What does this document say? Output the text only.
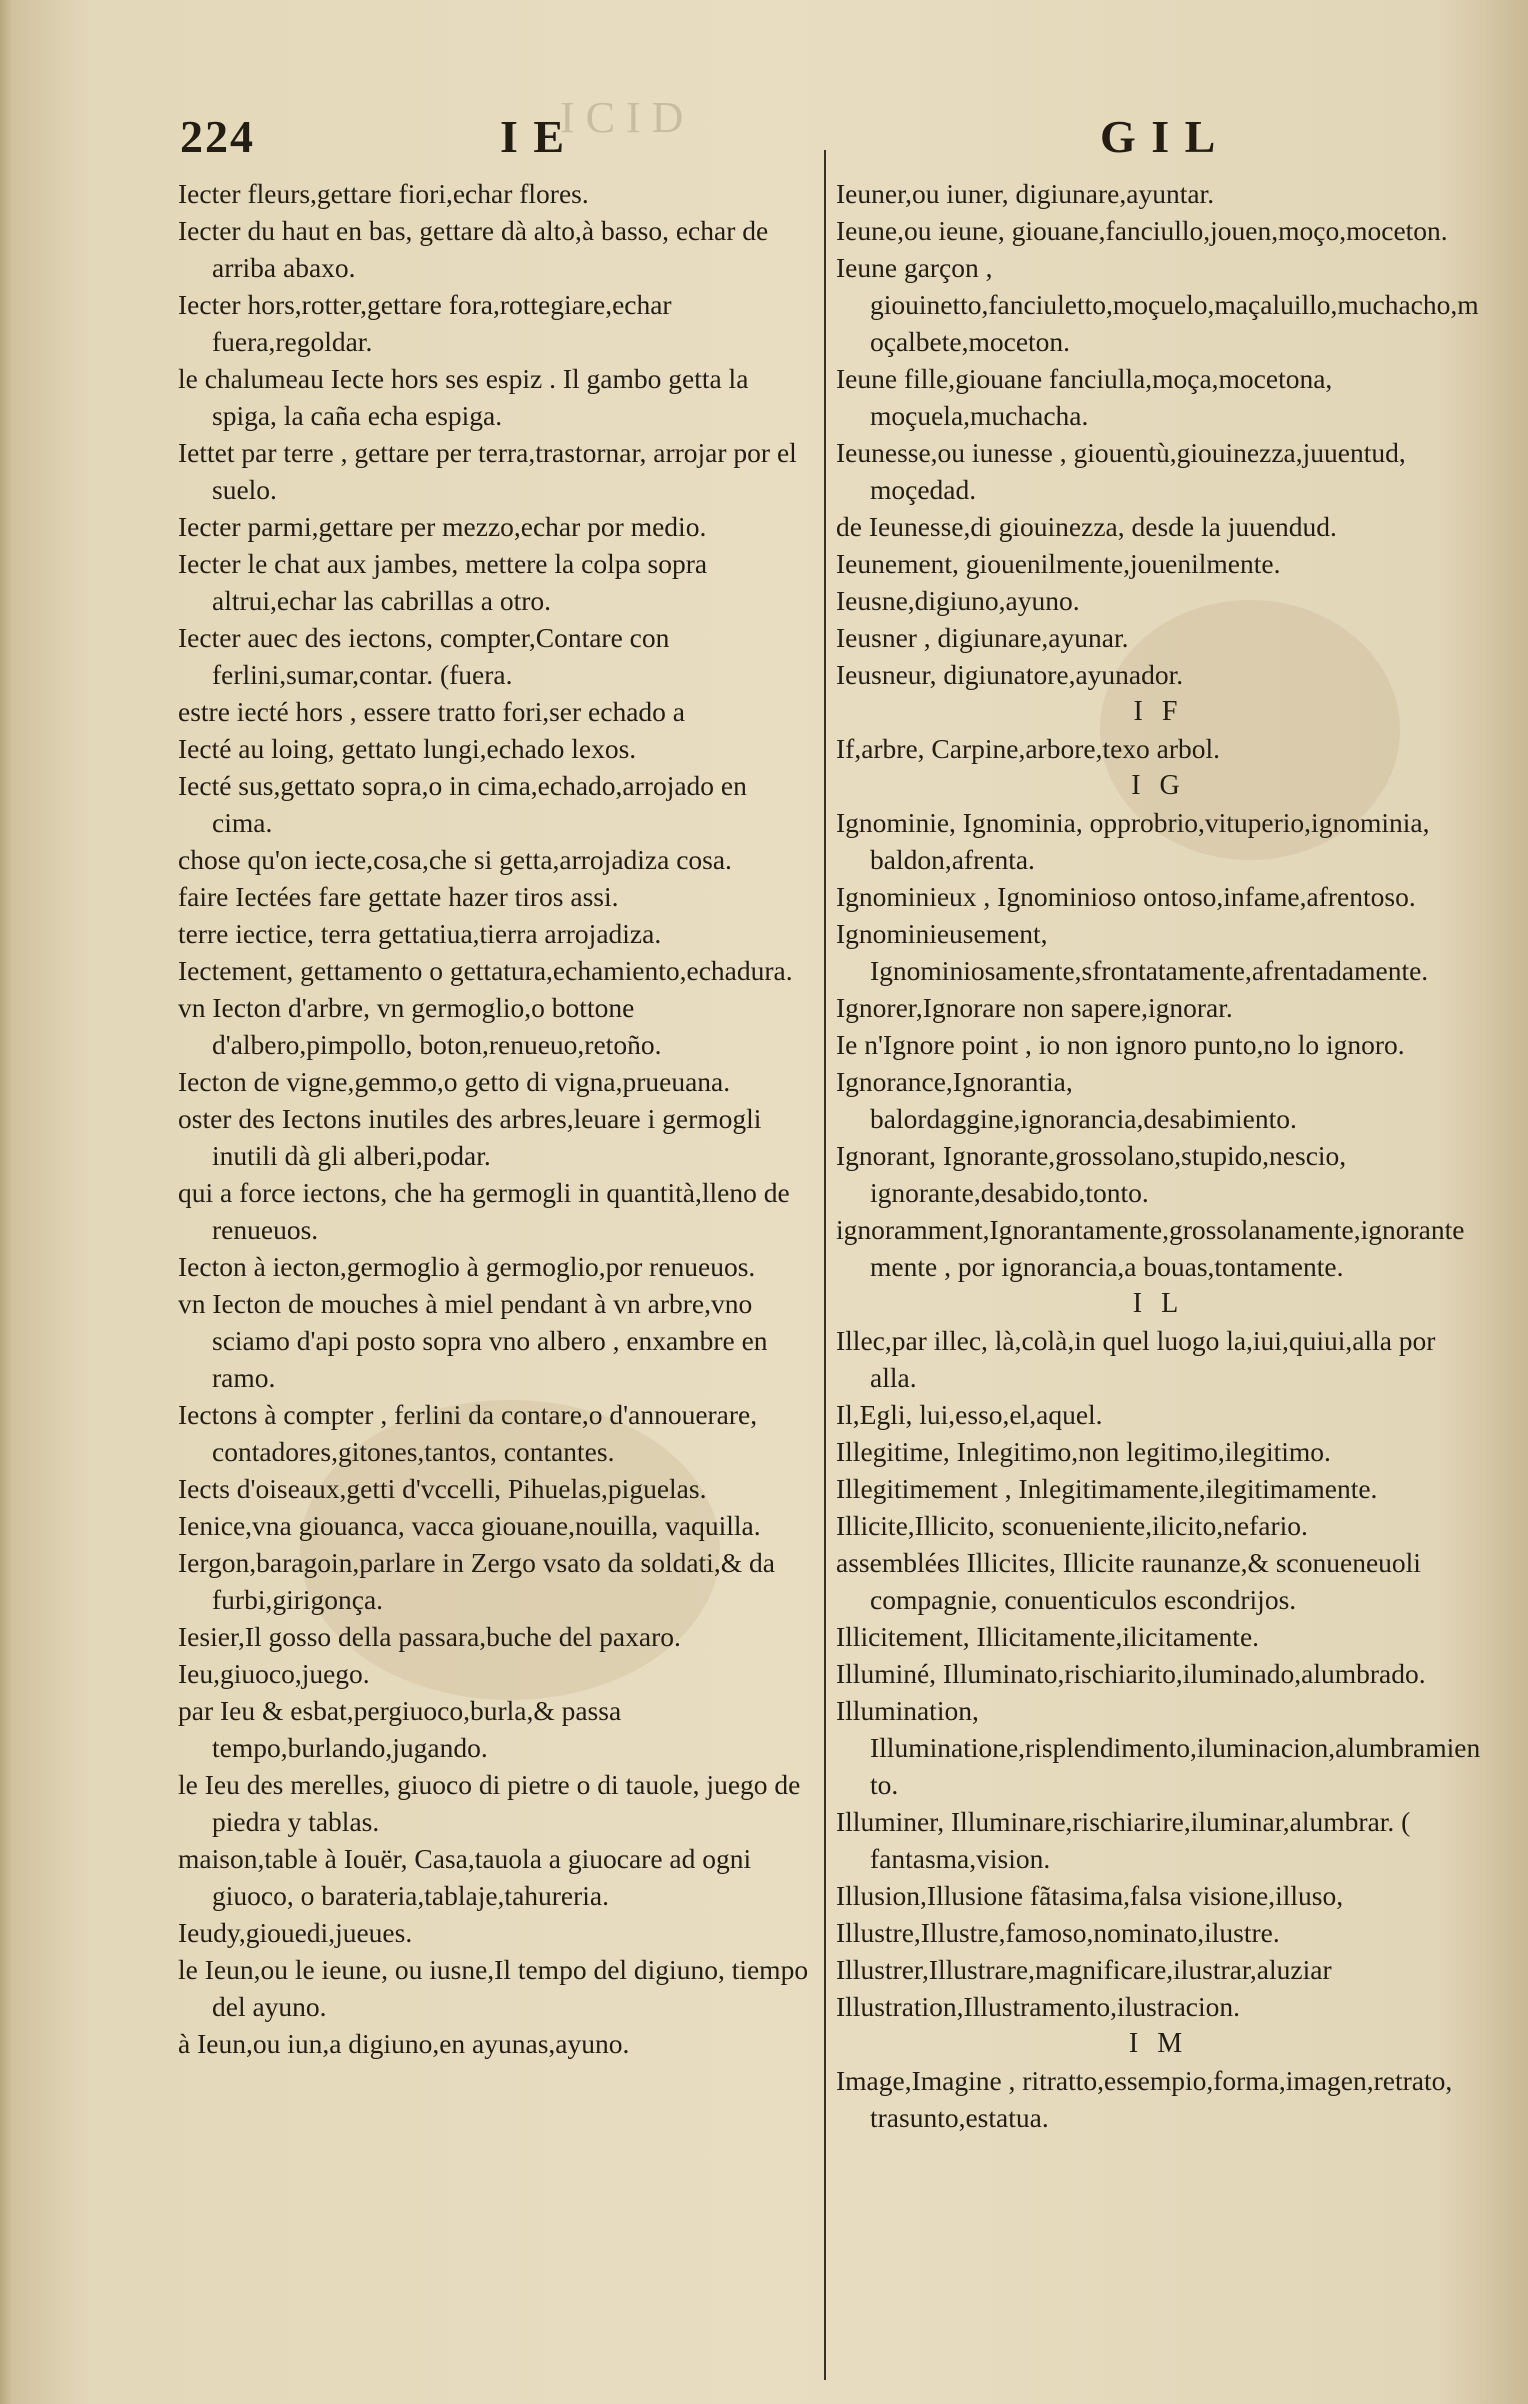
I C I D
224	I E	G I L
Iecter fleurs,gettare fiori,echar flores.
Iecter du haut en bas, gettare dà alto,à basso, echar de arriba abaxo.
Iecter hors,rotter,gettare fora,rottegiare,echar fuera,regoldar.
le chalumeau Iecte hors ses espiz . Il gambo getta la spiga, la caña echa espiga.
Iettet par terre , gettare per terra,trastornar, arrojar por el suelo.
Iecter parmi,gettare per mezzo,echar por medio.
Iecter le chat aux jambes, mettere la colpa sopra altrui,echar las cabrillas a otro.
Iecter auec des iectons, compter,Contare con ferlini,sumar,contar. (fuera.
estre iecté hors , essere tratto fori,ser echado a
Iecté au loing, gettato lungi,echado lexos.
Iecté sus,gettato sopra,o in cima,echado,arrojado en cima.
chose qu'on iecte,cosa,che si getta,arrojadiza cosa.
faire Iectées fare gettate hazer tiros assi.
terre iectice, terra gettatiua,tierra arrojadiza.
Iectement, gettamento o gettatura,echamiento,echadura.
vn Iecton d'arbre, vn germoglio,o bottone d'albero,pimpollo, boton,renueuo,retoño.
Iecton de vigne,gemmo,o getto di vigna,prueuana.
oster des Iectons inutiles des arbres,leuare i germogli inutili dà gli alberi,podar.
qui a force iectons, che ha germogli in quantità,lleno de renueuos.
Iecton à iecton,germoglio à germoglio,por renueuos.
vn Iecton de mouches à miel pendant à vn arbre,vno sciamo d'api posto sopra vno albero , enxambre en ramo.
Iectons à compter , ferlini da contare,o d'annouerare, contadores,gitones,tantos, contantes.
Iects d'oiseaux,getti d'vccelli, Pihuelas,piguelas.
Ienice,vna giouanca, vacca giouane,nouilla, vaquilla.
Iergon,baragoin,parlare in Zergo vsato da soldati,& da furbi,girigonça.
Iesier,Il gosso della passara,buche del paxaro.
Ieu,giuoco,juego.
par Ieu & esbat,pergiuoco,burla,& passa tempo,burlando,jugando.
le Ieu des merelles, giuoco di pietre o di tauole, juego de piedra y tablas.
maison,table à Iouër, Casa,tauola a giuocare ad ogni giuoco, o barateria,tablaje,tahureria.
Ieudy,giouedi,jueues.
le Ieun,ou le ieune, ou iusne,Il tempo del digiuno, tiempo del ayuno.
à Ieun,ou iun,a digiuno,en ayunas,ayuno.
Ieuner,ou iuner, digiunare,ayuntar.
Ieune,ou ieune, giouane,fanciullo,jouen,moço,moceton.
Ieune garçon , giouinetto,fanciuletto,moçuelo,maçaluillo,muchacho,moçalbete,moceton.
Ieune fille,giouane fanciulla,moça,mocetona, moçuela,muchacha.
Ieunesse,ou iunesse , giouentù,giouinezza,juuentud, moçedad.
de Ieunesse,di giouinezza, desde la juuendud.
Ieunement, giouenilmente,jouenilmente.
Ieusne,digiuno,ayuno.
Ieusner , digiunare,ayunar.
Ieusneur, digiunatore,ayunador.
I F
If,arbre, Carpine,arbore,texo arbol.
I G
Ignominie, Ignominia, opprobrio,vituperio,ignominia, baldon,afrenta.
Ignominieux , Ignominioso ontoso,infame,afrentoso.
Ignominieusement, Ignominiosamente,sfrontatamente,afrentadamente.
Ignorer,Ignorare non sapere,ignorar.
Ie n'Ignore point , io non ignoro punto,no lo ignoro.
Ignorance,Ignorantia, balordaggine,ignorancia,desabimiento.
Ignorant, Ignorante,grossolano,stupido,nescio, ignorante,desabido,tonto.
ignoramment,Ignorantamente,grossolanamente,ignorantemente , por ignorancia,a bouas,tontamente.
I L
Illec,par illec, là,colà,in quel luogo la,iui,quiui,alla por alla.
Il,Egli, lui,esso,el,aquel.
Illegitime, Inlegitimo,non legitimo,ilegitimo.
Illegitimement , Inlegitimamente,ilegitimamente.
Illicite,Illicito, sconueniente,ilicito,nefario.
assemblées Illicites, Illicite raunanze,& sconueneuoli compagnie, conuenticulos escondrijos.
Illicitement, Illicitamente,ilicitamente.
Illuminé, Illuminato,rischiarito,iluminado,alumbrado.
Illumination, Illuminatione,risplendimento,iluminacion,alumbramiento.
Illuminer, Illuminare,rischiarire,iluminar,alumbrar. ( fantasma,vision.
Illusion,Illusione fãtasima,falsa visione,illuso,
Illustre,Illustre,famoso,nominato,ilustre.
Illustrer,Illustrare,magnificare,ilustrar,aluziar
Illustration,Illustramento,ilustracion.
I M
Image,Imagine , ritratto,essempio,forma,imagen,retrato, trasunto,estatua.
